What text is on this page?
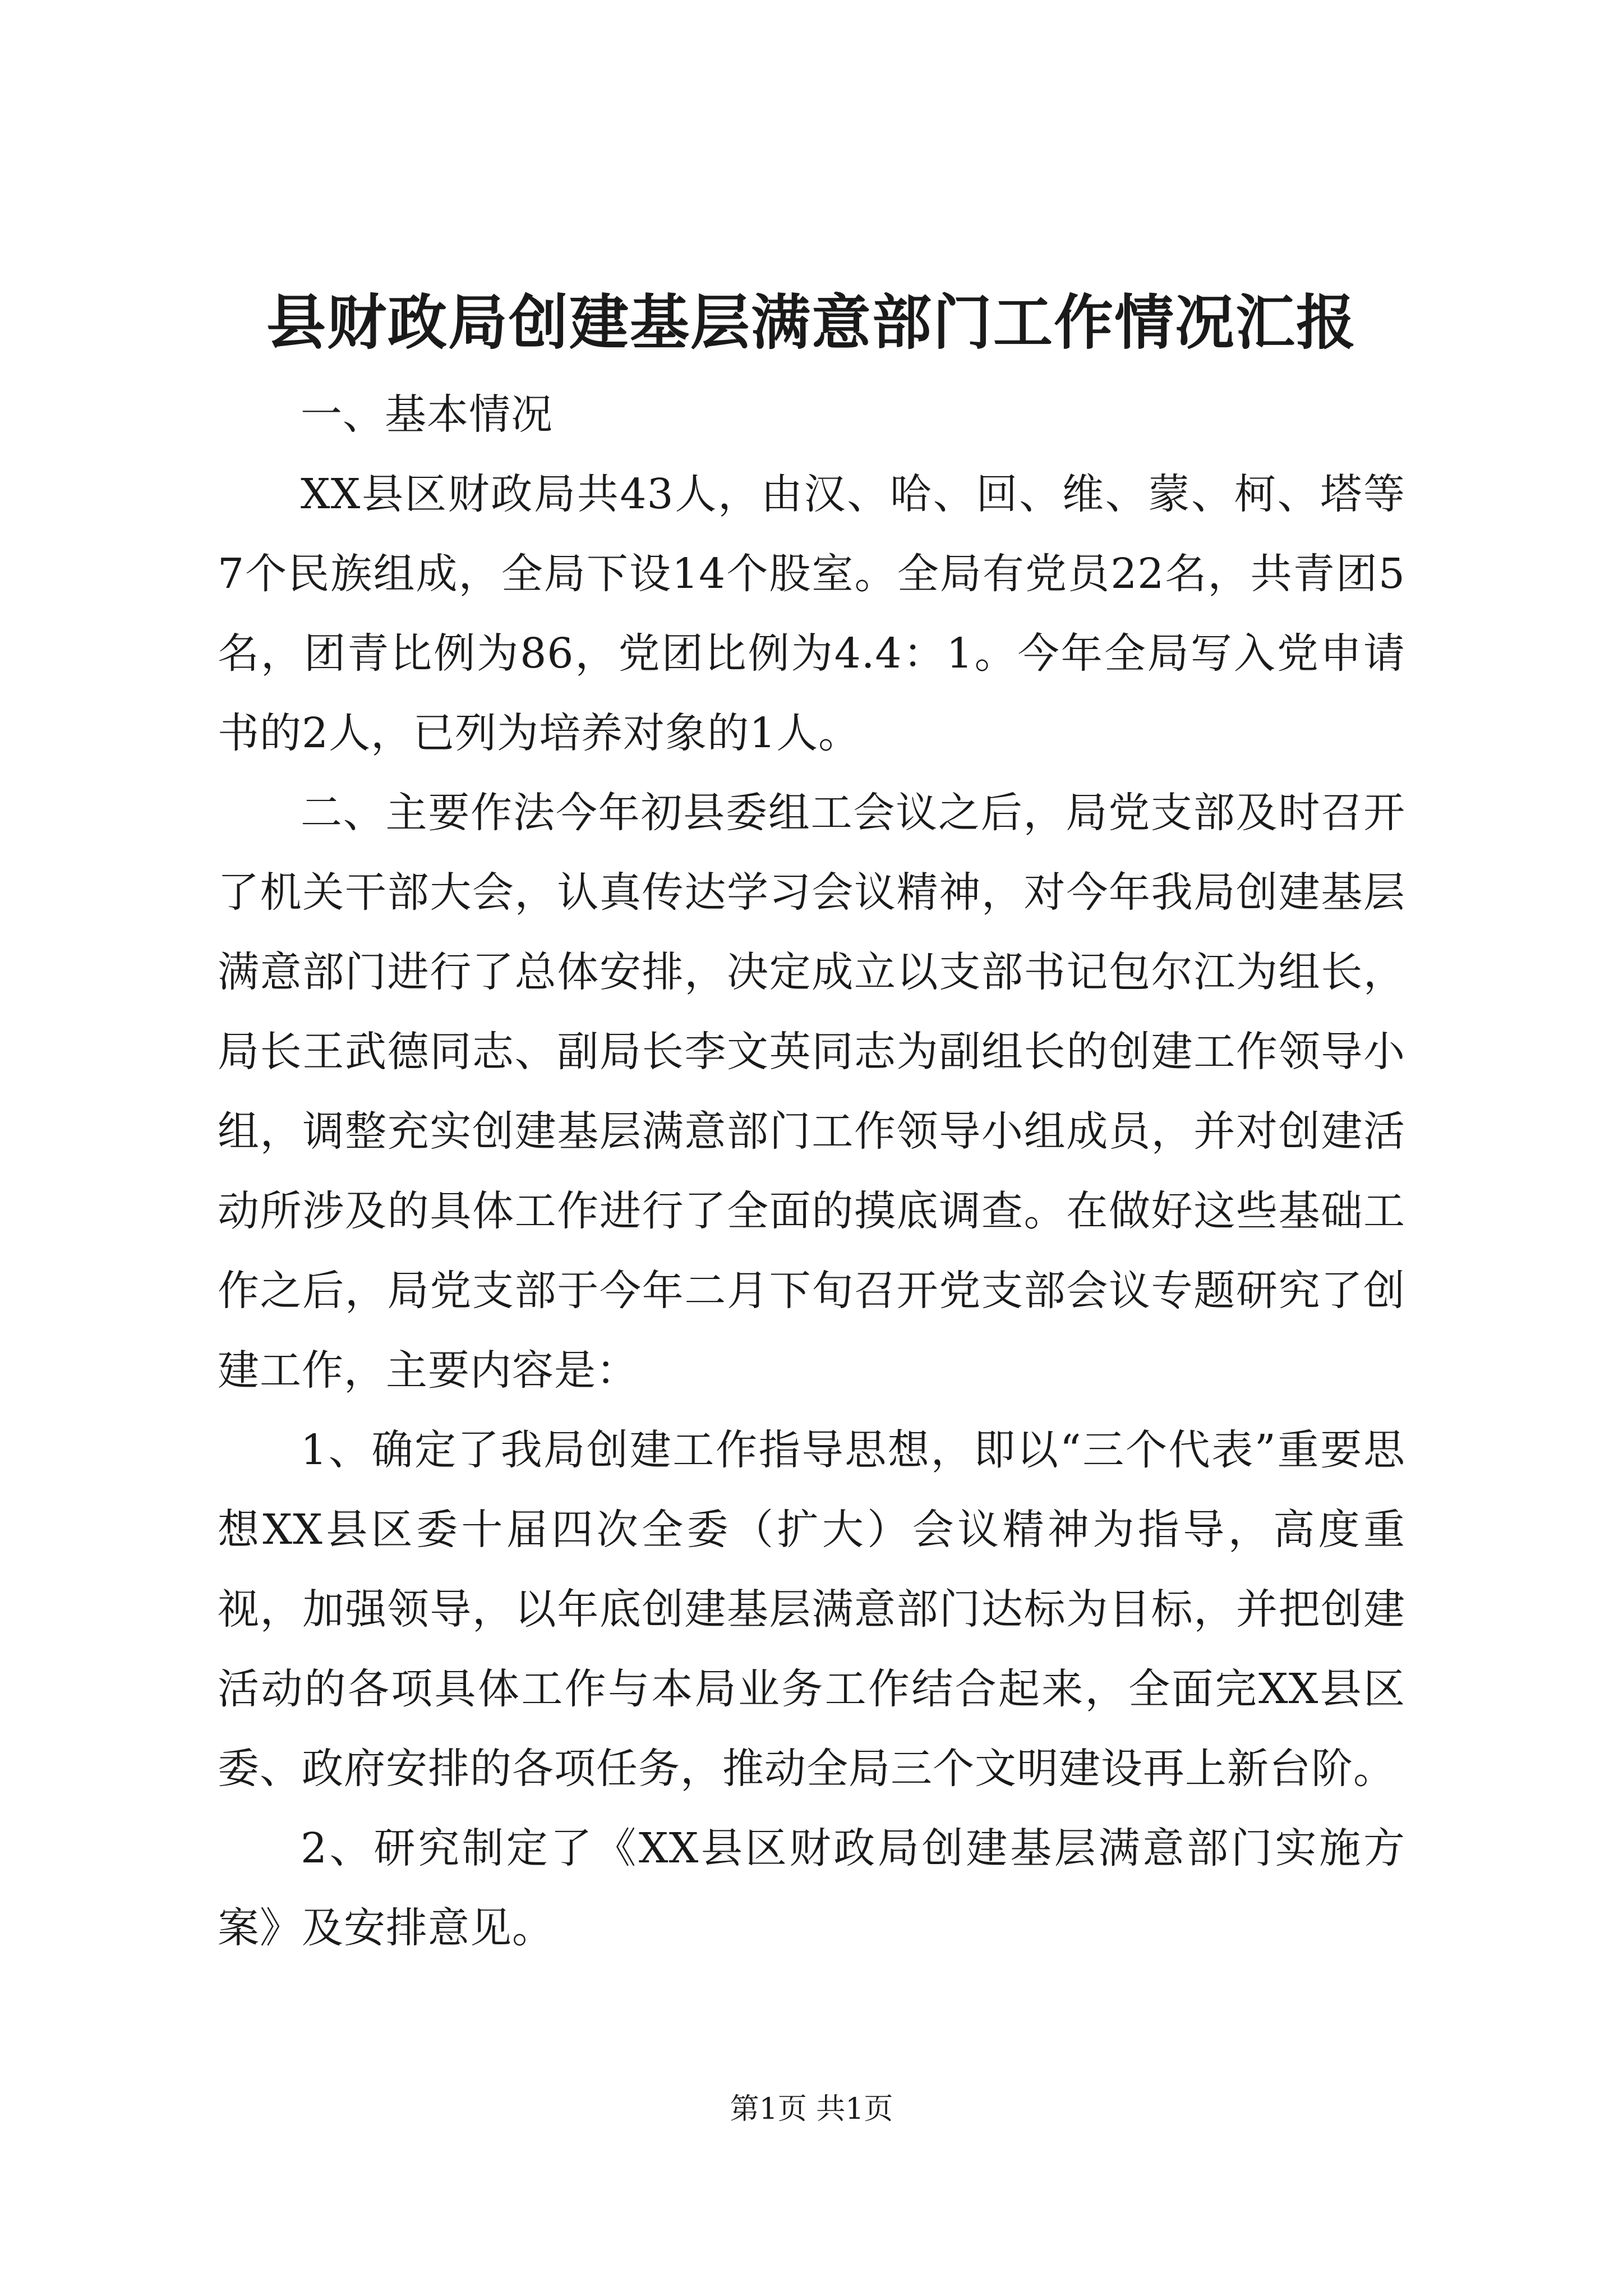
县财政局创建基层满意部门工作情况汇报

一、基本情况

XX县区财政局共43人，由汉、哈、回、维、蒙、柯、塔等7个民族组成，全局下设14个股室。全局有党员22名，共青团5名，团青比例为86，党团比例为4.4：1。今年全局写入党申请书的2人，已列为培养对象的1人。

二、主要作法今年初县委组工会议之后，局党支部及时召开了机关干部大会，认真传达学习会议精神，对今年我局创建基层满意部门进行了总体安排，决定成立以支部书记包尔江为组长，局长王武德同志、副局长李文英同志为副组长的创建工作领导小组，调整充实创建基层满意部门工作领导小组成员，并对创建活动所涉及的具体工作进行了全面的摸底调查。在做好这些基础工作之后，局党支部于今年二月下旬召开党支部会议专题研究了创建工作，主要内容是：

1、确定了我局创建工作指导思想，即以“三个代表”重要思想XX县区委十届四次全委（扩大）会议精神为指导，高度重视，加强领导，以年底创建基层满意部门达标为目标，并把创建活动的各项具体工作与本局业务工作结合起来，全面完XX县区委、政府安排的各项任务，推动全局三个文明建设再上新台阶。

2、研究制定了《XX县区财政局创建基层满意部门实施方案》及安排意见。

第1页 共1页
